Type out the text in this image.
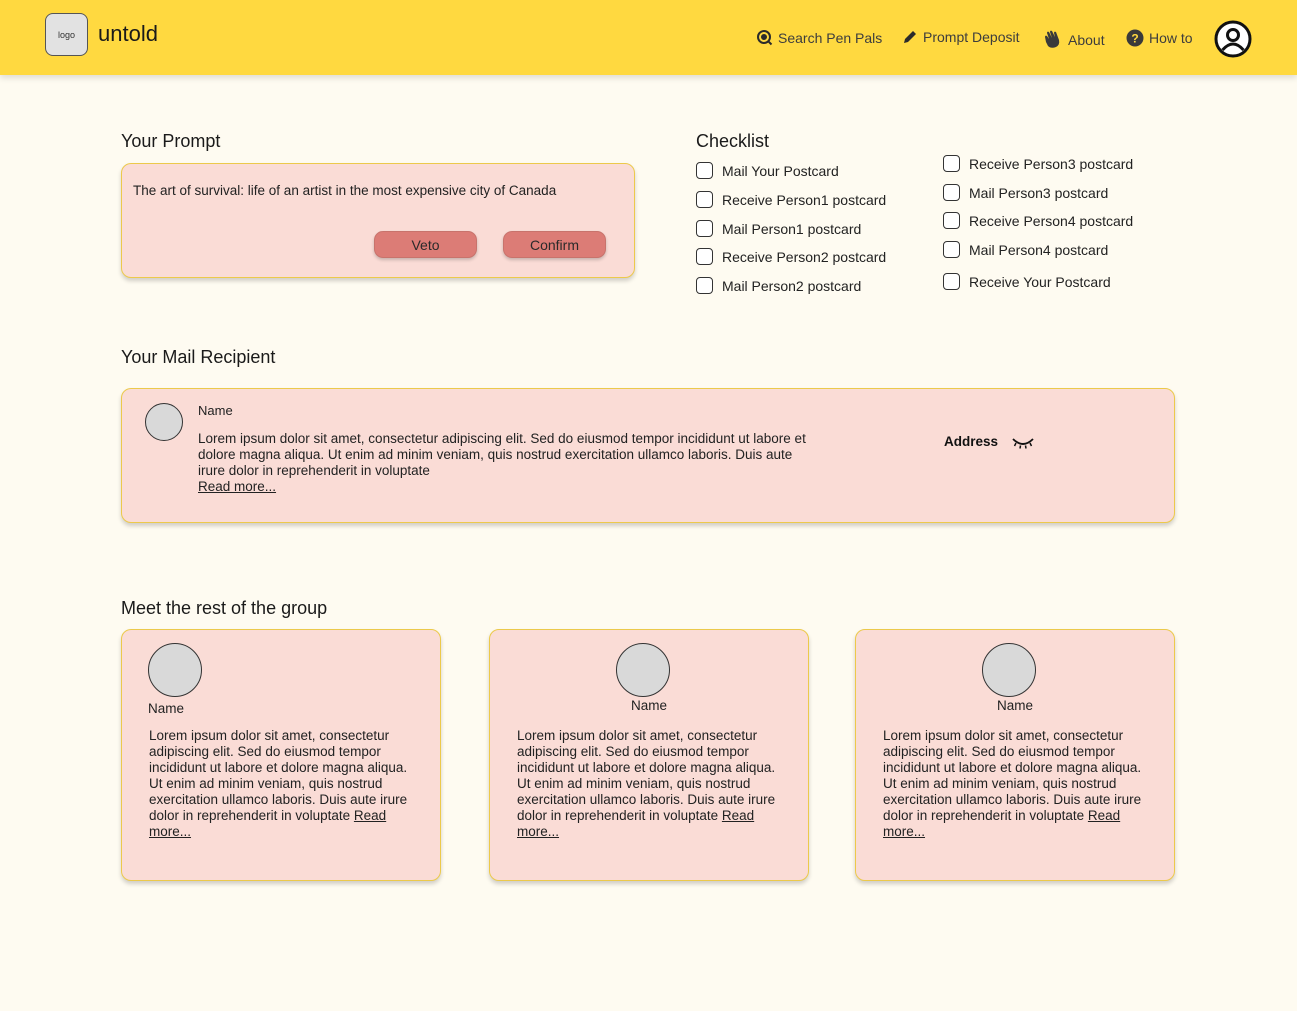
logo untold	Search Pen Pals	Prompt Deposit	About ? How to
Your Prompt
The art of survival: life of an artist in the most expensive city of Canada
Veto	Confirm
Checklist
Mail Your Postcard
Receive Person1 postcard
Mail Person1 postcard
Receive Person2 postcard
Mail Person2 postcard
Receive Person3 postcard
Mail Person3 postcard
Receive Person4 postcard
Mail Person4 postcard
Receive Your Postcard
Your Mail Recipient
Name
Lorem ipsum dolor sit amet, consectetur adipiscing elit. Sed do eiusmod tempor incididunt ut labore et dolore magna aliqua. Ut enim ad minim veniam, quis nostrud exercitation ullamco laboris. Duis aute irure dolor in reprehenderit in voluptate
Read more...
Address
Meet the rest of the group
Name
Lorem ipsum dolor sit amet, consectetur adipiscing elit. Sed do eiusmod tempor incididunt ut labore et dolore magna aliqua. Ut enim ad minim veniam, quis nostrud exercitation ullamco laboris. Duis aute irure dolor in reprehenderit in voluptate Read more...
Name
Lorem ipsum dolor sit amet, consectetur adipiscing elit. Sed do eiusmod tempor incididunt ut labore et dolore magna aliqua. Ut enim ad minim veniam, quis nostrud exercitation ullamco laboris. Duis aute irure dolor in reprehenderit in voluptate Read more...
Name
Lorem ipsum dolor sit amet, consectetur adipiscing elit. Sed do eiusmod tempor incididunt ut labore et dolore magna aliqua. Ut enim ad minim veniam, quis nostrud exercitation ullamco laboris. Duis aute irure dolor in reprehenderit in voluptate Read more...
